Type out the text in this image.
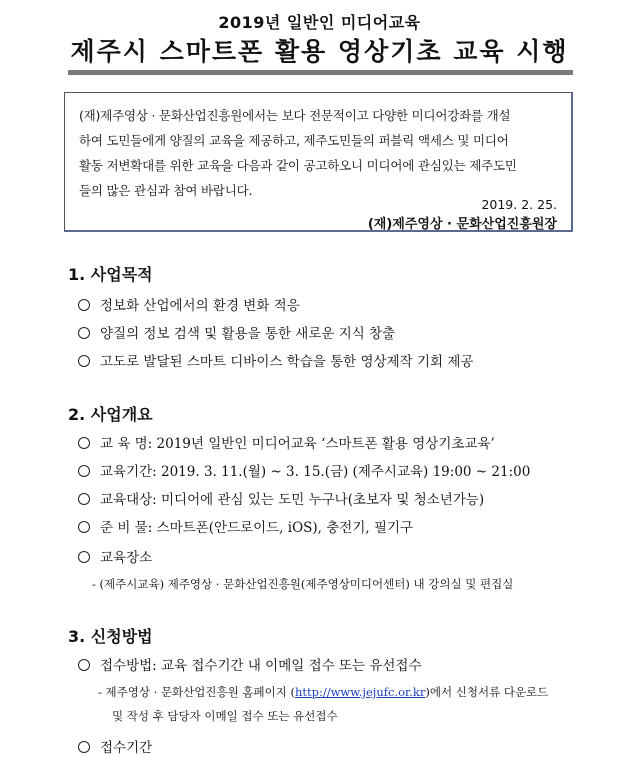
2019년 일반인 미디어교육
제주시 스마트폰 활용 영상기초 교육 시행
(재)제주영상 · 문화산업진흥원에서는 보다 전문적이고 다양한 미디어강좌를 개설
하여 도민들에게 양질의 교육을 제공하고, 제주도민들의 퍼블릭 액세스 및 미디어
활동 저변확대를 위한 교육을 다음과 같이 공고하오니 미디어에 관심있는 제주도민
들의 많은 관심과 참여 바랍니다.
2019. 2. 25.
(재)제주영상 · 문화산업진흥원장
1. 사업목적
정보화 산업에서의 환경 변화 적응
양질의 정보 검색 및 활용을 통한 새로운 지식 창출
고도로 발달된 스마트 디바이스 학습을 통한 영상제작 기회 제공
2. 사업개요
교 육 명: 2019년 일반인 미디어교육 ‘스마트폰 활용 영상기초교육’
교육기간: 2019. 3. 11.(월) ~ 3. 15.(금) (제주시교육) 19:00 ~ 21:00
교육대상: 미디어에 관심 있는 도민 누구나(초보자 및 청소년가능)
준 비 물: 스마트폰(안드로이드, iOS), 충전기, 필기구
교육장소
- (제주시교육) 제주영상 · 문화산업진흥원(제주영상미디어센터) 내 강의실 및 편집실
3. 신청방법
접수방법: 교육 접수기간 내 이메일 접수 또는 유선접수
- 제주영상 · 문화산업진흥원 홈페이지 (http://www.jejufc.or.kr)에서 신청서류 다운로드
및 작성 후 담당자 이메일 접수 또는 유선접수
접수기간
